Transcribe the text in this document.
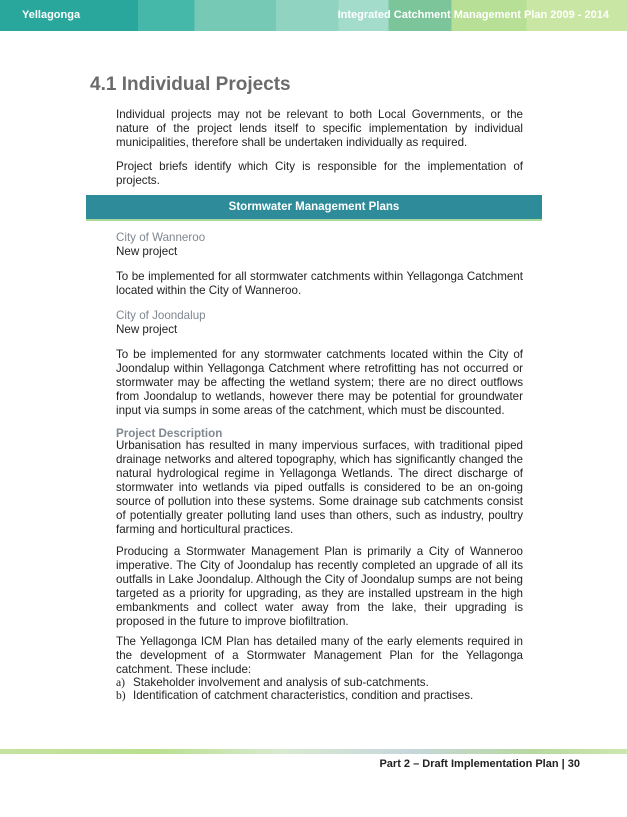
Yellagonga	Integrated Catchment Management Plan 2009 - 2014
4.1 Individual Projects

Individual projects may not be relevant to both Local Governments, or the nature of the project lends itself to specific implementation by individual municipalities, therefore shall be undertaken individually as required.

Project briefs identify which City is responsible for the implementation of projects.

Stormwater Management Plans
City of Wanneroo

New project

To be implemented for all stormwater catchments within Yellagonga Catchment located within the City of Wanneroo.

City of Joondalup

New project

To be implemented for any stormwater catchments located within the City of Joondalup within Yellagonga Catchment where retrofitting has not occurred or stormwater may be affecting the wetland system; there are no direct outflows from Joondalup to wetlands, however there may be potential for groundwater input via sumps in some areas of the catchment, which must be discounted.

Project Description

Urbanisation has resulted in many impervious surfaces, with traditional piped drainage networks and altered topography, which has significantly changed the natural hydrological regime in Yellagonga Wetlands. The direct discharge of stormwater into wetlands via piped outfalls is considered to be an on-going source of pollution into these systems. Some drainage sub catchments consist of potentially greater polluting land uses than others, such as industry, poultry farming and horticultural practices.

Producing a Stormwater Management Plan is primarily a City of Wanneroo imperative. The City of Joondalup has recently completed an upgrade of all its outfalls in Lake Joondalup. Although the City of Joondalup sumps are not being targeted as a priority for upgrading, as they are installed upstream in the high embankments and collect water away from the lake, their upgrading is proposed in the future to improve biofiltration.

The Yellagonga ICM Plan has detailed many of the early elements required in the development of a Stormwater Management Plan for the Yellagonga catchment. These include:

a) Stakeholder involvement and analysis of sub-catchments.
b) Identification of catchment characteristics, condition and practises.
Part 2 – Draft Implementation Plan | 30
